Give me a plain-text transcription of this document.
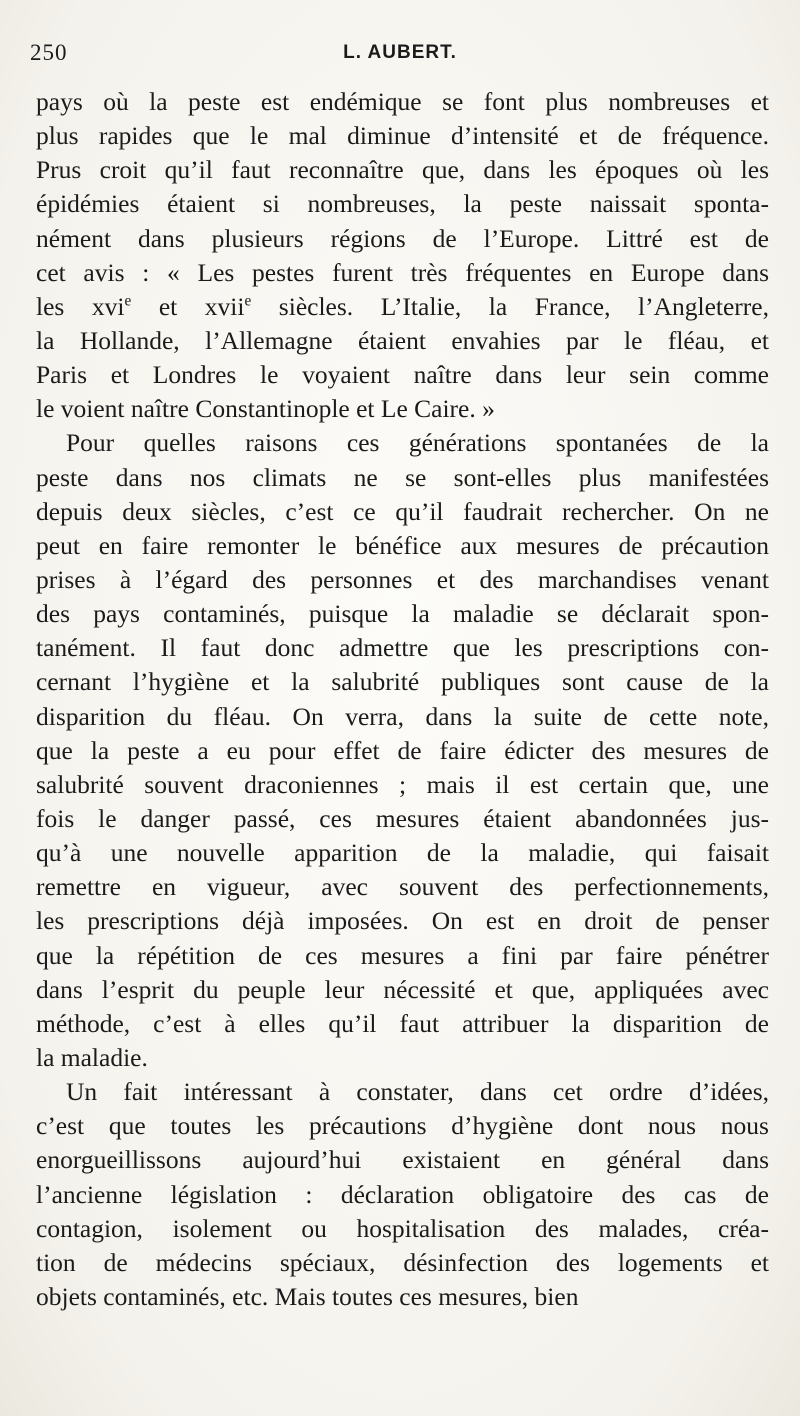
250	L. AUBERT.
pays où la peste est endémique se font plus nombreuses et
plus rapides que le mal diminue d’intensité et de fréquence.
Prus croit qu’il faut reconnaître que, dans les époques où les
épidémies étaient si nombreuses, la peste naissait sponta-
nément dans plusieurs régions de l’Europe. Littré est de
cet avis : « Les pestes furent très fréquentes en Europe dans
les xvi$^e$ et xvii$^e$ siècles. L’Italie, la France, l’Angleterre,
la Hollande, l’Allemagne étaient envahies par le fléau, et
Paris et Londres le voyaient naître dans leur sein comme
le voient naître Constantinople et Le Caire. »
Pour quelles raisons ces générations spontanées de la
peste dans nos climats ne se sont-elles plus manifestées
depuis deux siècles, c’est ce qu’il faudrait rechercher. On ne
peut en faire remonter le bénéfice aux mesures de précaution
prises à l’égard des personnes et des marchandises venant
des pays contaminés, puisque la maladie se déclarait spon-
tanément. Il faut donc admettre que les prescriptions con-
cernant l’hygiène et la salubrité publiques sont cause de la
disparition du fléau. On verra, dans la suite de cette note,
que la peste a eu pour effet de faire édicter des mesures de
salubrité souvent draconiennes ; mais il est certain que, une
fois le danger passé, ces mesures étaient abandonnées jus-
qu’à une nouvelle apparition de la maladie, qui faisait
remettre en vigueur, avec souvent des perfectionnements,
les prescriptions déjà imposées. On est en droit de penser
que la répétition de ces mesures a fini par faire pénétrer
dans l’esprit du peuple leur nécessité et que, appliquées avec
méthode, c’est à elles qu’il faut attribuer la disparition de
la maladie.
Un fait intéressant à constater, dans cet ordre d’idées,
c’est que toutes les précautions d’hygiène dont nous nous
enorgueillissons aujourd’hui existaient en général dans
l’ancienne législation : déclaration obligatoire des cas de
contagion, isolement ou hospitalisation des malades, créa-
tion de médecins spéciaux, désinfection des logements et
objets contaminés, etc. Mais toutes ces mesures, bien
